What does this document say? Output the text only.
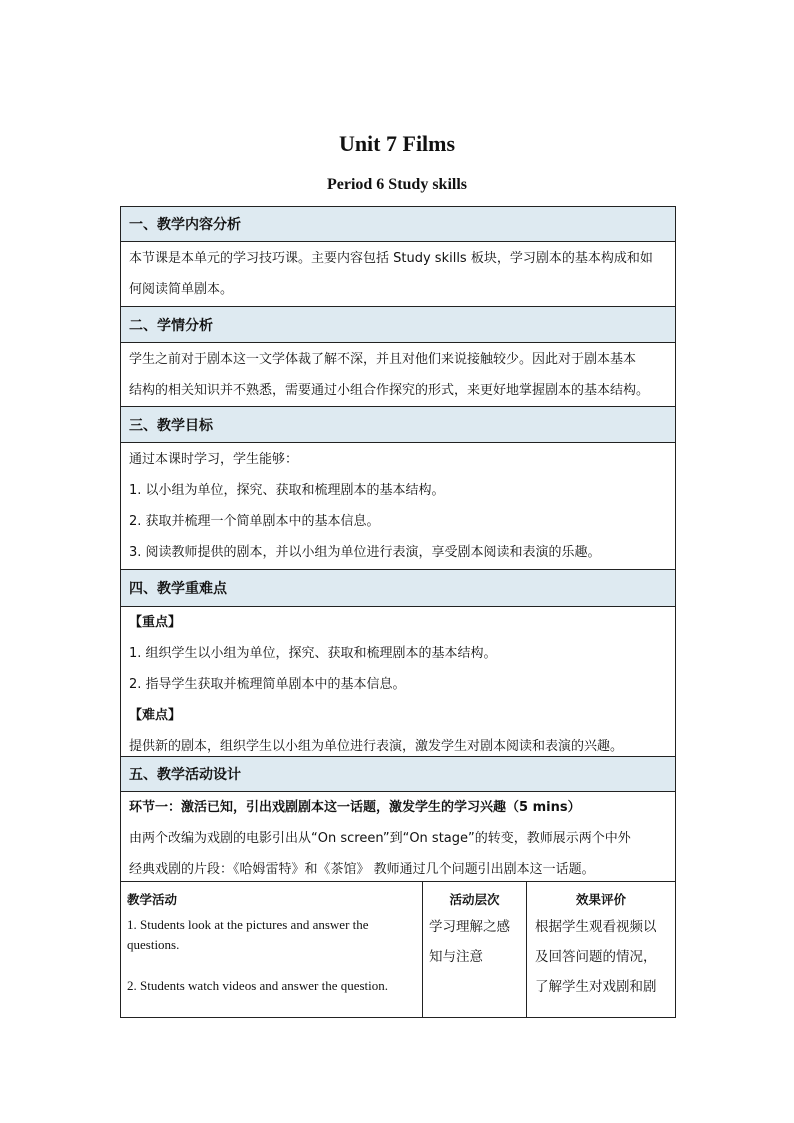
Unit 7 Films
Period 6 Study skills
一、教学内容分析
本节课是本单元的学习技巧课。主要内容包括 Study skills 板块，学习剧本的基本构成和如
何阅读简单剧本。
二、学情分析
学生之前对于剧本这一文学体裁了解不深，并且对他们来说接触较少。因此对于剧本基本
结构的相关知识并不熟悉，需要通过小组合作探究的形式，来更好地掌握剧本的基本结构。
三、教学目标
通过本课时学习，学生能够：
1. 以小组为单位，探究、获取和梳理剧本的基本结构。
2. 获取并梳理一个简单剧本中的基本信息。
3. 阅读教师提供的剧本，并以小组为单位进行表演，享受剧本阅读和表演的乐趣。
四、教学重难点
【重点】
1. 组织学生以小组为单位，探究、获取和梳理剧本的基本结构。
2. 指导学生获取并梳理简单剧本中的基本信息。
【难点】
提供新的剧本，组织学生以小组为单位进行表演，激发学生对剧本阅读和表演的兴趣。
五、教学活动设计
环节一：激活已知，引出戏剧剧本这一话题，激发学生的学习兴趣（5 mins）
由两个改编为戏剧的电影引出从“On screen”到“On stage”的转变，教师展示两个中外
经典戏剧的片段：《哈姆雷特》和《茶馆》 教师通过几个问题引出剧本这一话题。
教学活动
1. Students look at the pictures and answer the questions.
2. Students watch videos and answer the question.
活动层次
学习理解之感
知与注意
效果评价
根据学生观看视频以
及回答问题的情况，
了解学生对戏剧和剧
